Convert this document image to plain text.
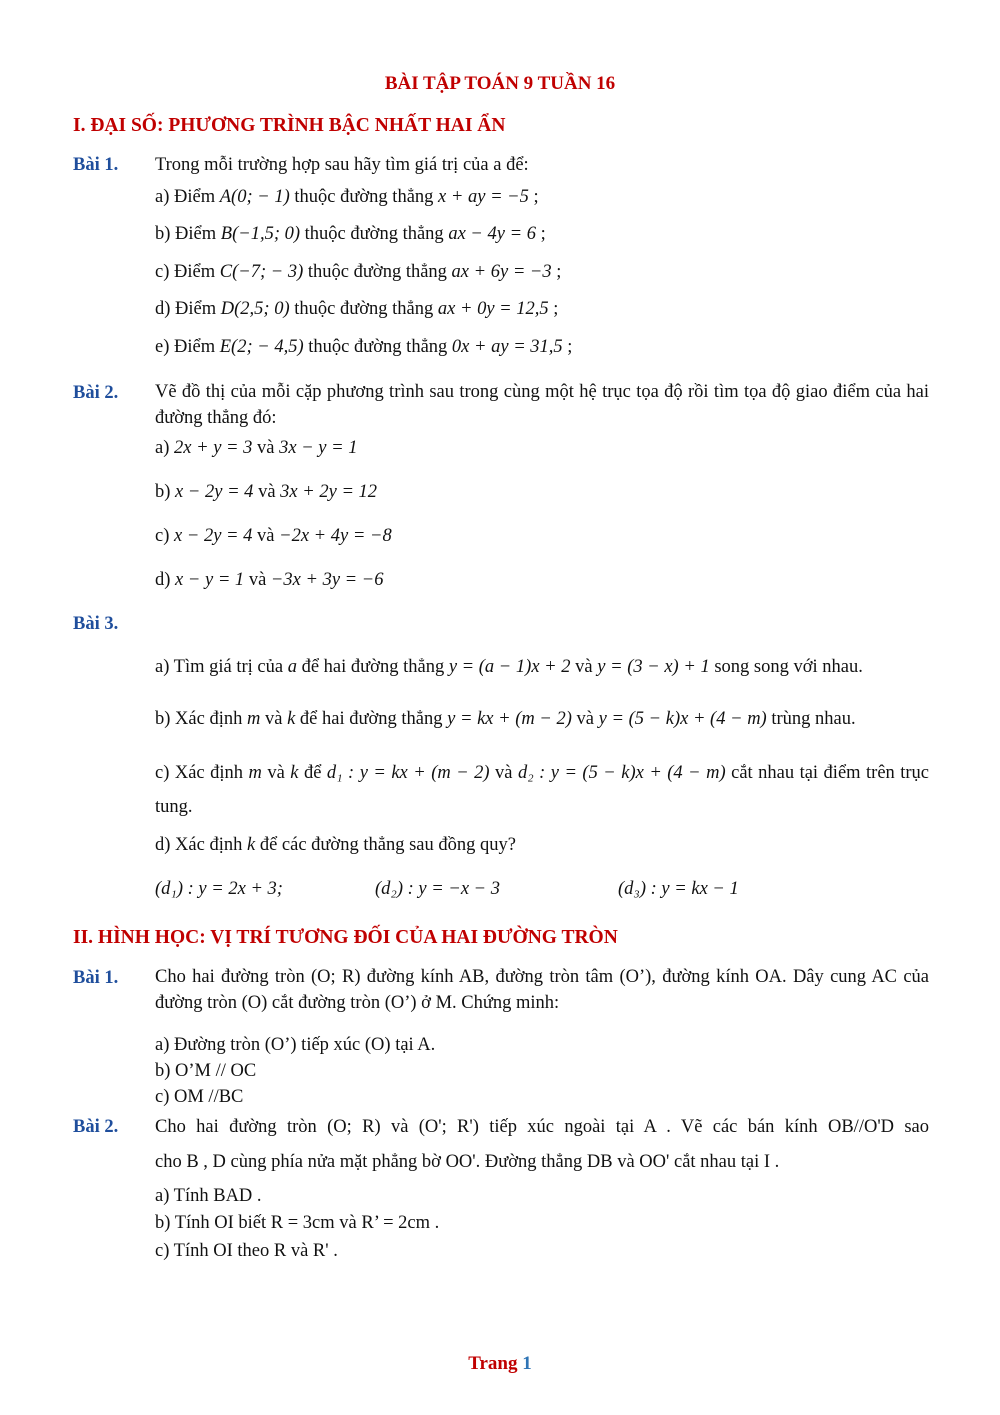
BÀI TẬP TOÁN 9 TUẦN 16
I. ĐẠI SỐ: PHƯƠNG TRÌNH BẬC NHẤT HAI ẨN
Bài 1. Trong mỗi trường hợp sau hãy tìm giá trị của a để:
a) Điểm A(0; − 1) thuộc đường thẳng x + ay = −5 ;
b) Điểm B(−1,5; 0) thuộc đường thẳng ax − 4y = 6 ;
c) Điểm C(−7; − 3) thuộc đường thẳng ax + 6y = −3 ;
d) Điểm D(2,5; 0) thuộc đường thẳng ax + 0y = 12,5 ;
e) Điểm E(2; − 4,5) thuộc đường thẳng 0x + ay = 31,5 ;
Bài 2. Vẽ đồ thị của mỗi cặp phương trình sau trong cùng một hệ trục tọa độ rồi tìm tọa độ giao điểm của hai đường thẳng đó:
a) 2x + y = 3 và 3x − y = 1
b) x − 2y = 4 và 3x + 2y = 12
c) x − 2y = 4 và −2x + 4y = −8
d) x − y = 1 và −3x + 3y = −6
Bài 3.
a) Tìm giá trị của a để hai đường thẳng y = (a − 1)x + 2 và y = (3 − x) + 1 song song với nhau.
b) Xác định m và k để hai đường thẳng y = kx + (m − 2) và y = (5 − k)x + (4 − m) trùng nhau.
c) Xác định m và k để d₁ : y = kx + (m − 2) và d₂ : y = (5 − k)x + (4 − m) cắt nhau tại điểm trên trục tung.
d) Xác định k để các đường thẳng sau đồng quy?
(d₁) : y = 2x + 3;	(d₂) : y = −x − 3	(d₃) : y = kx − 1
II. HÌNH HỌC: VỊ TRÍ TƯƠNG ĐỐI CỦA HAI ĐƯỜNG TRÒN
Bài 1. Cho hai đường tròn (O; R) đường kính AB, đường tròn tâm (O’), đường kính OA. Dây cung AC của đường tròn (O) cắt đường tròn (O’) ở M. Chứng minh:
a) Đường tròn (O’) tiếp xúc (O) tại A.
b) O’M // OC
c) OM //BC
Bài 2. Cho hai đường tròn (O; R) và (O'; R') tiếp xúc ngoài tại A . Vẽ các bán kính OB//O'D sao
cho B , D cùng phía nửa mặt phẳng bờ OO'. Đường thẳng DB và OO' cắt nhau tại I .
a) Tính BAD .
b) Tính OI biết R = 3cm và R’ = 2cm .
c) Tính OI theo R và R' .
Trang 1
